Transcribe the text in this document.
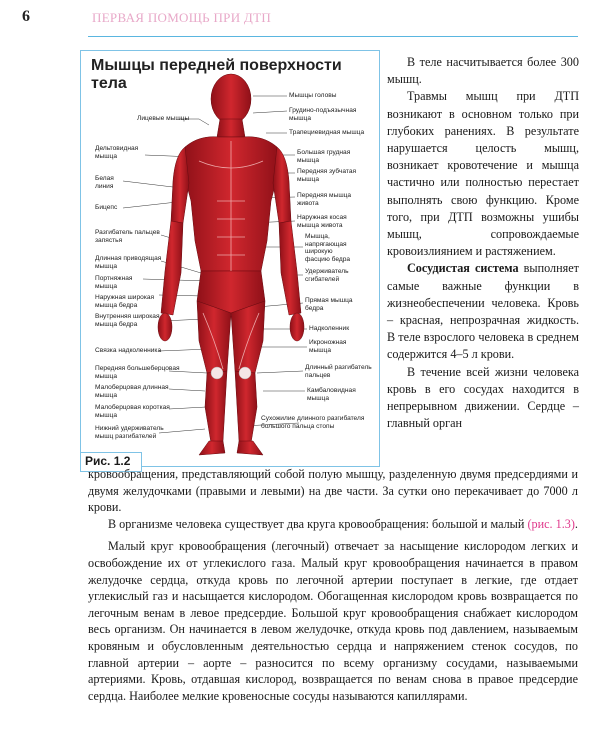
6	ПЕРВАЯ ПОМОЩЬ ПРИ ДТП
Мышцы передней поверхности тела
Лицевые мышцы
Дельтовидная
мышца
Белая
линия
Бицепс
Разгибатель пальцев
запястья
Длинная приводящая
мышца
Портняжная
мышца
Наружная широкая
мышца бедра
Внутренняя широкая
мышца бедра
Связка надколенника
Передняя большеберцовая
мышца
Малоберцовая длинная
мышца
Малоберцовая короткая
мышца
Нижний удерживатель
мышц разгибателей
Мышцы головы
Грудино-подъязычная
мышца
Трапециевидная мышца
Большая грудная
мышца
Передняя зубчатая
мышца
Передняя мышца
живота
Наружная косая
мышца живота
Мышца,
напрягающая
широкую
фасцию бедра
Удерживатель
сгибателей
Прямая мышца
бедра
Надколенник
Икроножная
мышца
Длинный разгибатель
пальцев
Камбаловидная
мышца
Сухожилие длинного разгибателя
большого пальца стопы
Рис. 1.2

В теле насчитывается более 300 мышц.

Травмы мышц при ДТП возникают в основном только при глубоких ранениях. В результате нарушается целость мышц, возникает кровотечение и мышца частично или полностью перестает выполнять свою функцию. Кроме того, при ДТП возможны ушибы мышц, сопровождаемые кровоизлиянием и растяжением.

Сосудистая система выполняет самые важные функции в жизнеобеспечении человека. Кровь – красная, непрозрачная жидкость. В теле взрослого человека в среднем содержится 4–5 л крови.

В течение всей жизни человека кровь в его сосудах находится в непрерывном движении. Сердце – главный орган

кровообращения, представляющий собой полую мышцу, разделенную двумя предсердиями и двумя желудочками (правыми и левыми) на две части. За сутки оно перекачивает до 7000 л крови.

В организме человека существует два круга кровообращения: большой и малый (рис. 1.3).

Малый круг кровообращения (легочный) отвечает за насыщение кислородом легких и освобождение их от углекислого газа. Малый круг кровообращения начинается в правом желудочке сердца, откуда кровь по легочной артерии поступает в легкие, где отдает углекислый газ и насыщается кислородом. Обогащенная кислородом кровь возвращается по легочным венам в левое предсердие. Большой круг кровообращения снабжает кислородом весь организм. Он начинается в левом желудочке, откуда кровь под давлением, называемым кровяным и обусловленным деятельностью сердца и напряжением стенок сосудов, по главной артерии – аорте – разносится по всему организму сосудами, называемыми артериями. Кровь, отдавшая кислород, возвращается по венам снова в правое предсердие сердца. Наиболее мелкие кровеносные сосуды называются капиллярами.
